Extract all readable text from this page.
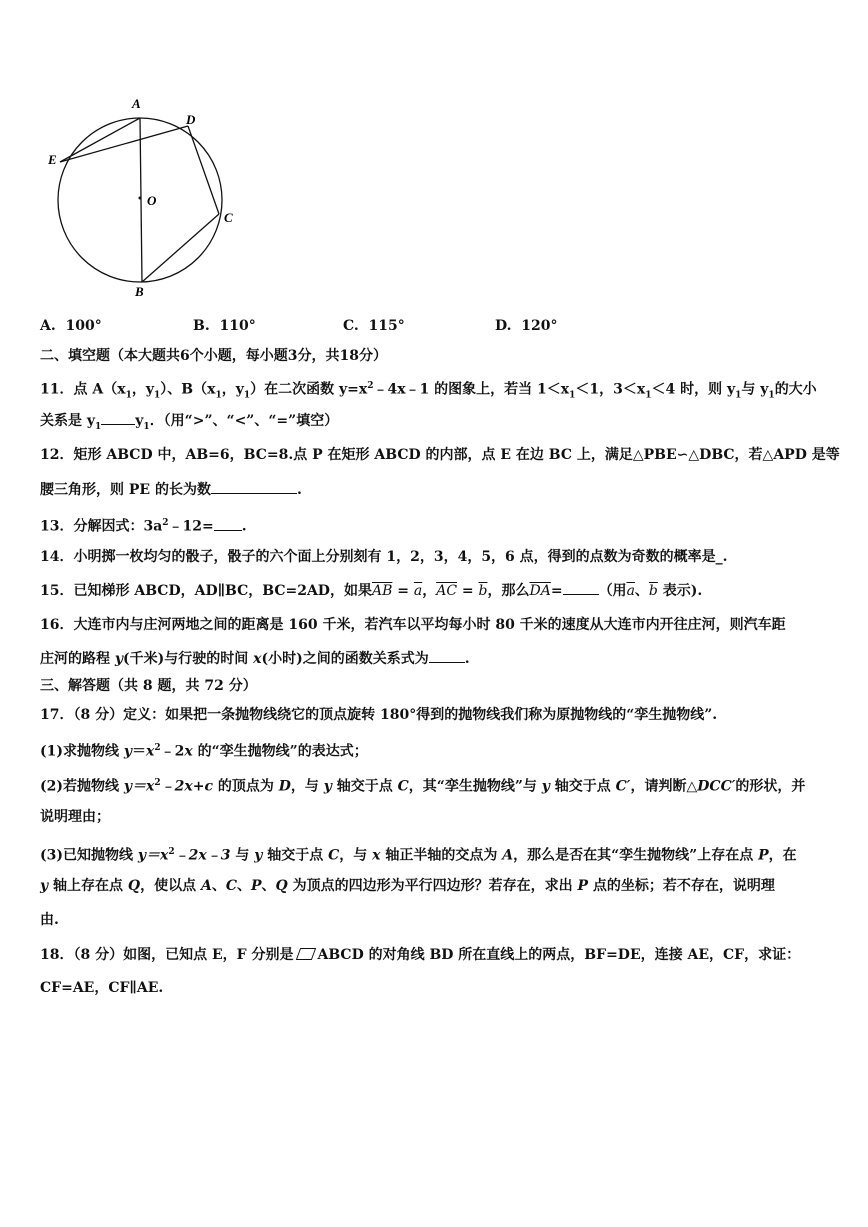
A
D
E
O
C
B
A. 100°	B. 110°	C. 115°	D. 120°
二、填空题（本大题共6个小题，每小题3分，共18分）
11．点 $A(x_1$，$y_1$）、$B(x_1$，$y_1$）在二次函数 $y=x^2﹣4x﹣1$ 的图象上，若当 $1<x_1<1$，$3<x_1<4$ 时，则 $y_1$与 $y_1$的大小
关系是 $y_1$ $y_1$．（用“>”、“<”、“=”填空）
12．矩形 ABCD 中，AB=6，BC=8.点 P 在矩形 ABCD 的内部，点 E 在边 BC 上，满足△PBE∽△DBC，若△APD 是等
腰三角形，则 PE 的长为数	.
13．分解因式：$3a^2﹣12=$ .
14．小明掷一枚均匀的骰子，骰子的六个面上分别刻有 1，2，3，4，5，6 点，得到的点数为奇数的概率是_.
15．已知梯形 ABCD，AD∥BC，BC=2AD，如果$\overline{AB} = \overline{a}$，$\overline{AC} = \overline{b}$，那么$\overline{DA}=$	（用$\overline{a}$、$\overline{b}$ 表示).
16．大连市内与庄河两地之间的距离是 160 千米，若汽车以平均每小时 80 千米的速度从大连市内开往庄河，则汽车距
庄河的路程 y(千米)与行驶的时间 x(小时)之间的函数关系式为	.
三、解答题（共 8 题，共 72 分）
17．（8 分）定义：如果把一条抛物线绕它的顶点旋转 180°得到的抛物线我们称为原抛物线的“孪生抛物线”.
(1)求抛物线 $y=x^2﹣2x$ 的“孪生抛物线”的表达式；
(2)若抛物线 $y=x^2﹣2x+c$ 的顶点为 D，与 y 轴交于点 C，其“孪生抛物线”与 y 轴交于点 C′，请判断△DCC′的形状，并
说明理由；
(3)已知抛物线 $y=x^2﹣2x﹣3$ 与 y 轴交于点 C，与 x 轴正半轴的交点为 A，那么是否在其“孪生抛物线”上存在点 P，在
y 轴上存在点 Q，使以点 A、C、P、Q 为顶点的四边形为平行四边形？若存在，求出 P 点的坐标；若不存在，说明理
由.
18．（8 分）如图，已知点 E，F 分别是 ABCD 的对角线 BD 所在直线上的两点，BF=DE，连接 AE，CF，求证：
CF=AE，CF∥AE.
